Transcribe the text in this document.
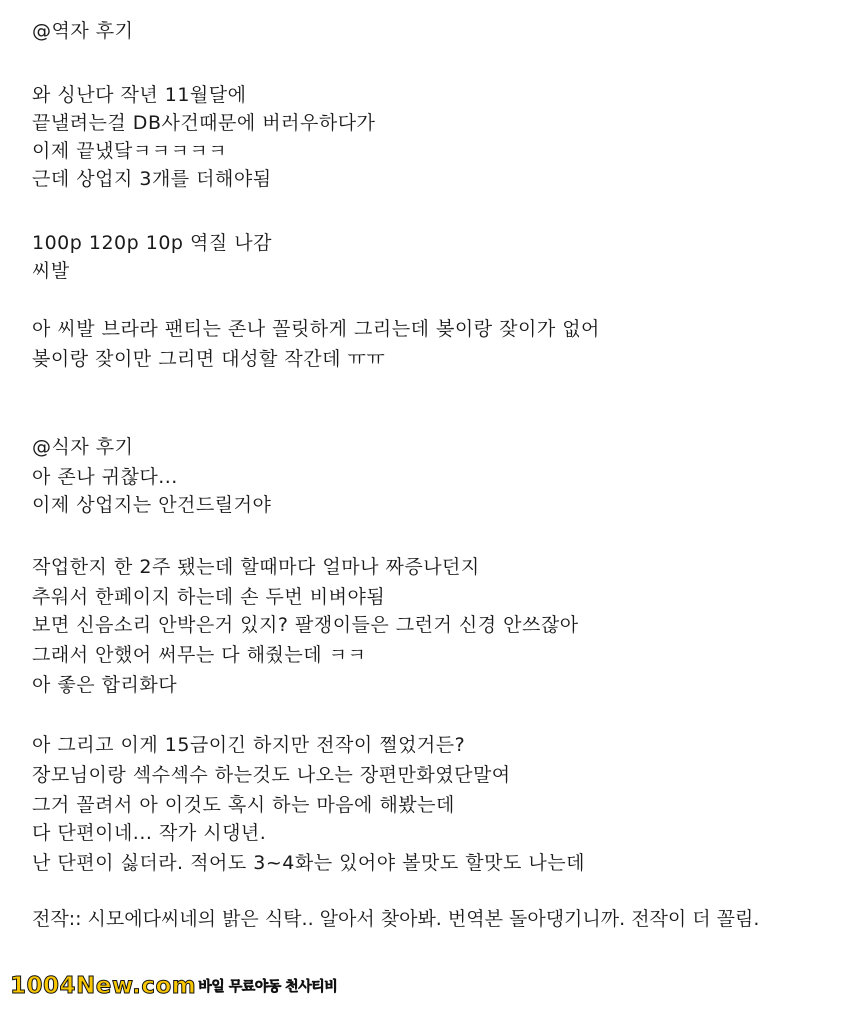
@역자 후기
와 싱난다 작년 11월달에
끝낼려는걸 DB사건때문에 버러우하다가
이제 끝냈닼ㅋㅋㅋㅋㅋ
근데 상업지 3개를 더해야됨
100p 120p 10p 역질 나감
씨발
아 씨발 브라라 팬티는 존나 꼴릿하게 그리는데 봊이랑 잦이가 없어
봊이랑 잦이만 그리면 대성할 작간데 ㅠㅠ
@식자 후기
아 존나 귀찮다...
이제 상업지는 안건드릴거야
작업한지 한 2주 됐는데 할때마다 얼마나 짜증나던지
추워서 한페이지 하는데 손 두번 비벼야됨
보면 신음소리 안박은거 있지? 팔쟁이들은 그런거 신경 안쓰잖아
그래서 안했어 써무는 다 해줬는데 ㅋㅋ
아 좋은 합리화다
아 그리고 이게 15금이긴 하지만 전작이 쩔었거든?
장모님이랑 섹수섹수 하는것도 나오는 장편만화였단말여
그거 꼴려서 아 이것도 혹시 하는 마음에 해봤는데
다 단편이네... 작가 시댕년.
난 단편이 싫더라. 적어도 3~4화는 있어야 볼맛도 할맛도 나는데
전작:: 시모에다씨네의 밝은 식탁.. 알아서 찾아봐. 번역본 돌아댕기니까. 전작이 더 꼴림.
1004New.com 바일 무료야동 천사티비
